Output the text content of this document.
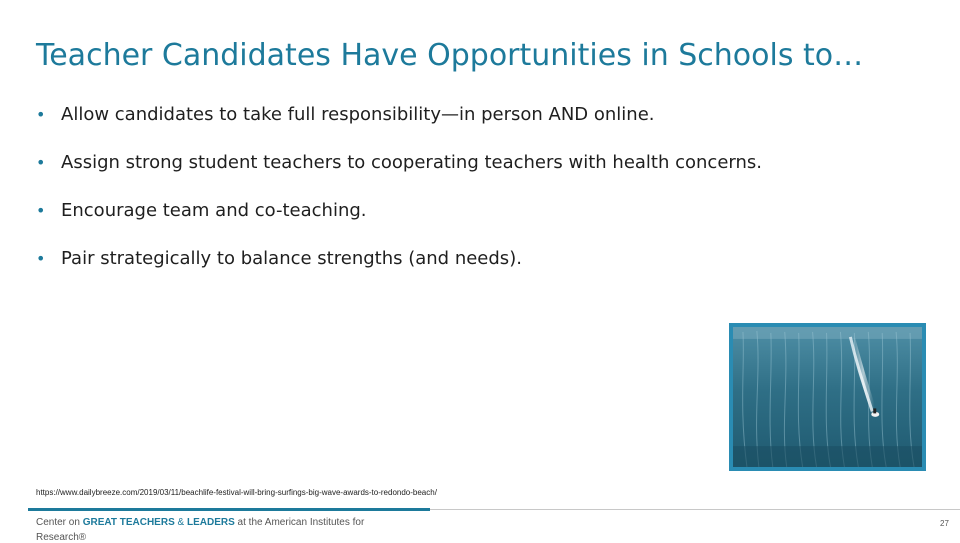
Teacher Candidates Have Opportunities in Schools to…
• Allow candidates to take full responsibility—in person AND online.
• Assign strong student teachers to cooperating teachers with health concerns.
• Encourage team and co-teaching.
• Pair strategically to balance strengths (and needs).
https://www.dailybreeze.com/2019/03/11/beachlife-festival-will-bring-surfings-big-wave-awards-to-redondo-beach/
Center on GREAT TEACHERS & LEADERS at the American Institutes for
Research®
27
